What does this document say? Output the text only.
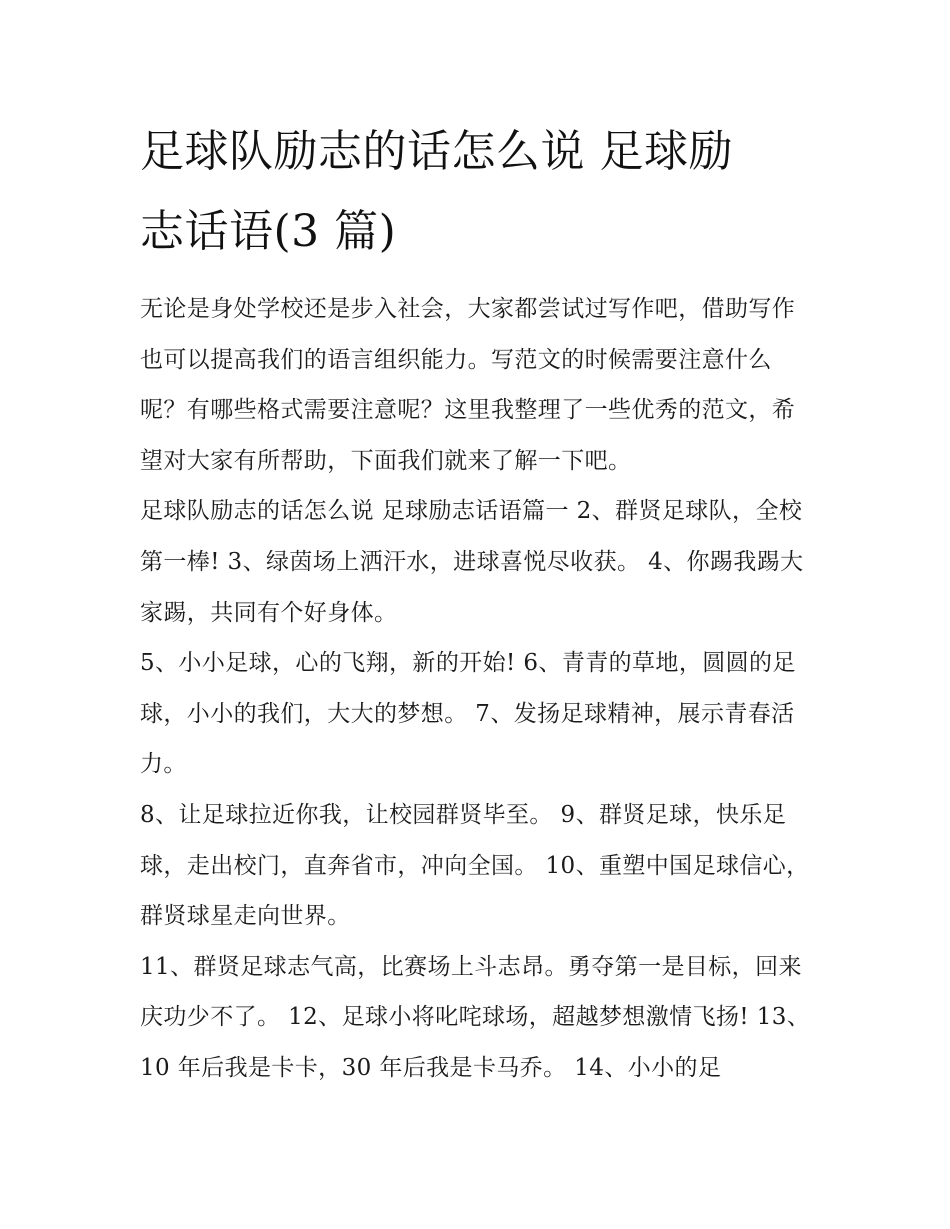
足球队励志的话怎么说 足球励
志话语(3 篇)

无论是身处学校还是步入社会，大家都尝试过写作吧，借助写作也可以提高我们的语言组织能力。写范文的时候需要注意什么呢？有哪些格式需要注意呢？这里我整理了一些优秀的范文，希望对大家有所帮助，下面我们就来了解一下吧。

足球队励志的话怎么说 足球励志话语篇一 2、群贤足球队，全校第一棒! 3、绿茵场上洒汗水，进球喜悦尽收获。 4、你踢我踢大家踢，共同有个好身体。

5、小小足球，心的飞翔，新的开始! 6、青青的草地，圆圆的足球，小小的我们，大大的梦想。 7、发扬足球精神，展示青春活力。

8、让足球拉近你我，让校园群贤毕至。 9、群贤足球，快乐足球，走出校门，直奔省市，冲向全国。 10、重塑中国足球信心，群贤球星走向世界。

11、群贤足球志气高，比赛场上斗志昂。勇夺第一是目标，回来庆功少不了。 12、足球小将叱咤球场，超越梦想激情飞扬! 13、10 年后我是卡卡，30 年后我是卡马乔。 14、小小的足
